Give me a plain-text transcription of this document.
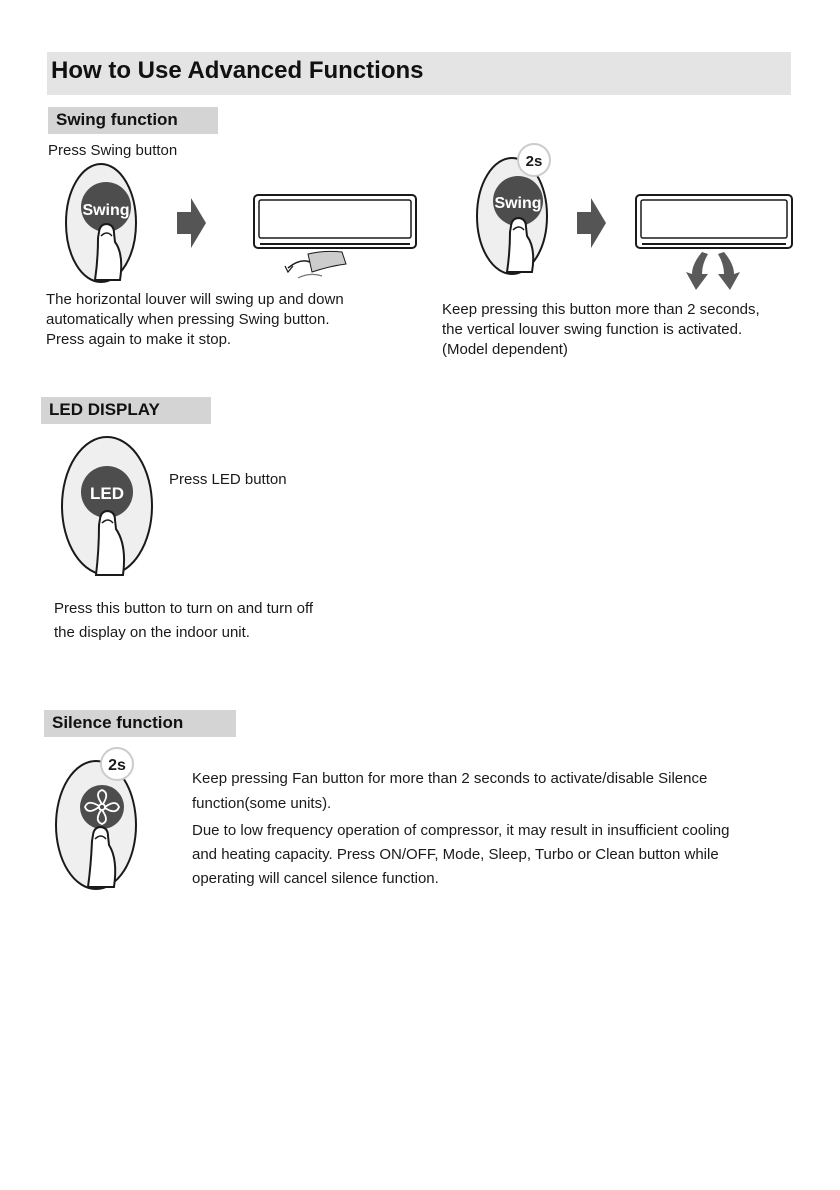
How to Use Advanced Functions
Swing function
Press Swing button
Swing	Swing
2s
The horizontal louver will swing up and down
automatically when pressing Swing button.
Press again to make it stop.
Keep pressing this button more than 2 seconds,
the vertical louver swing function is activated.
(Model dependent)
LED DISPLAY
LED
Press LED button
Press this button to turn on and turn off
the display on the indoor unit.
Silence function
2s
Keep pressing Fan button for more than 2 seconds to activate/disable Silence
function(some units).
Due to low frequency operation of compressor, it may result in insufficient cooling
and heating capacity. Press ON/OFF, Mode, Sleep, Turbo or Clean button while
operating will cancel silence function.
